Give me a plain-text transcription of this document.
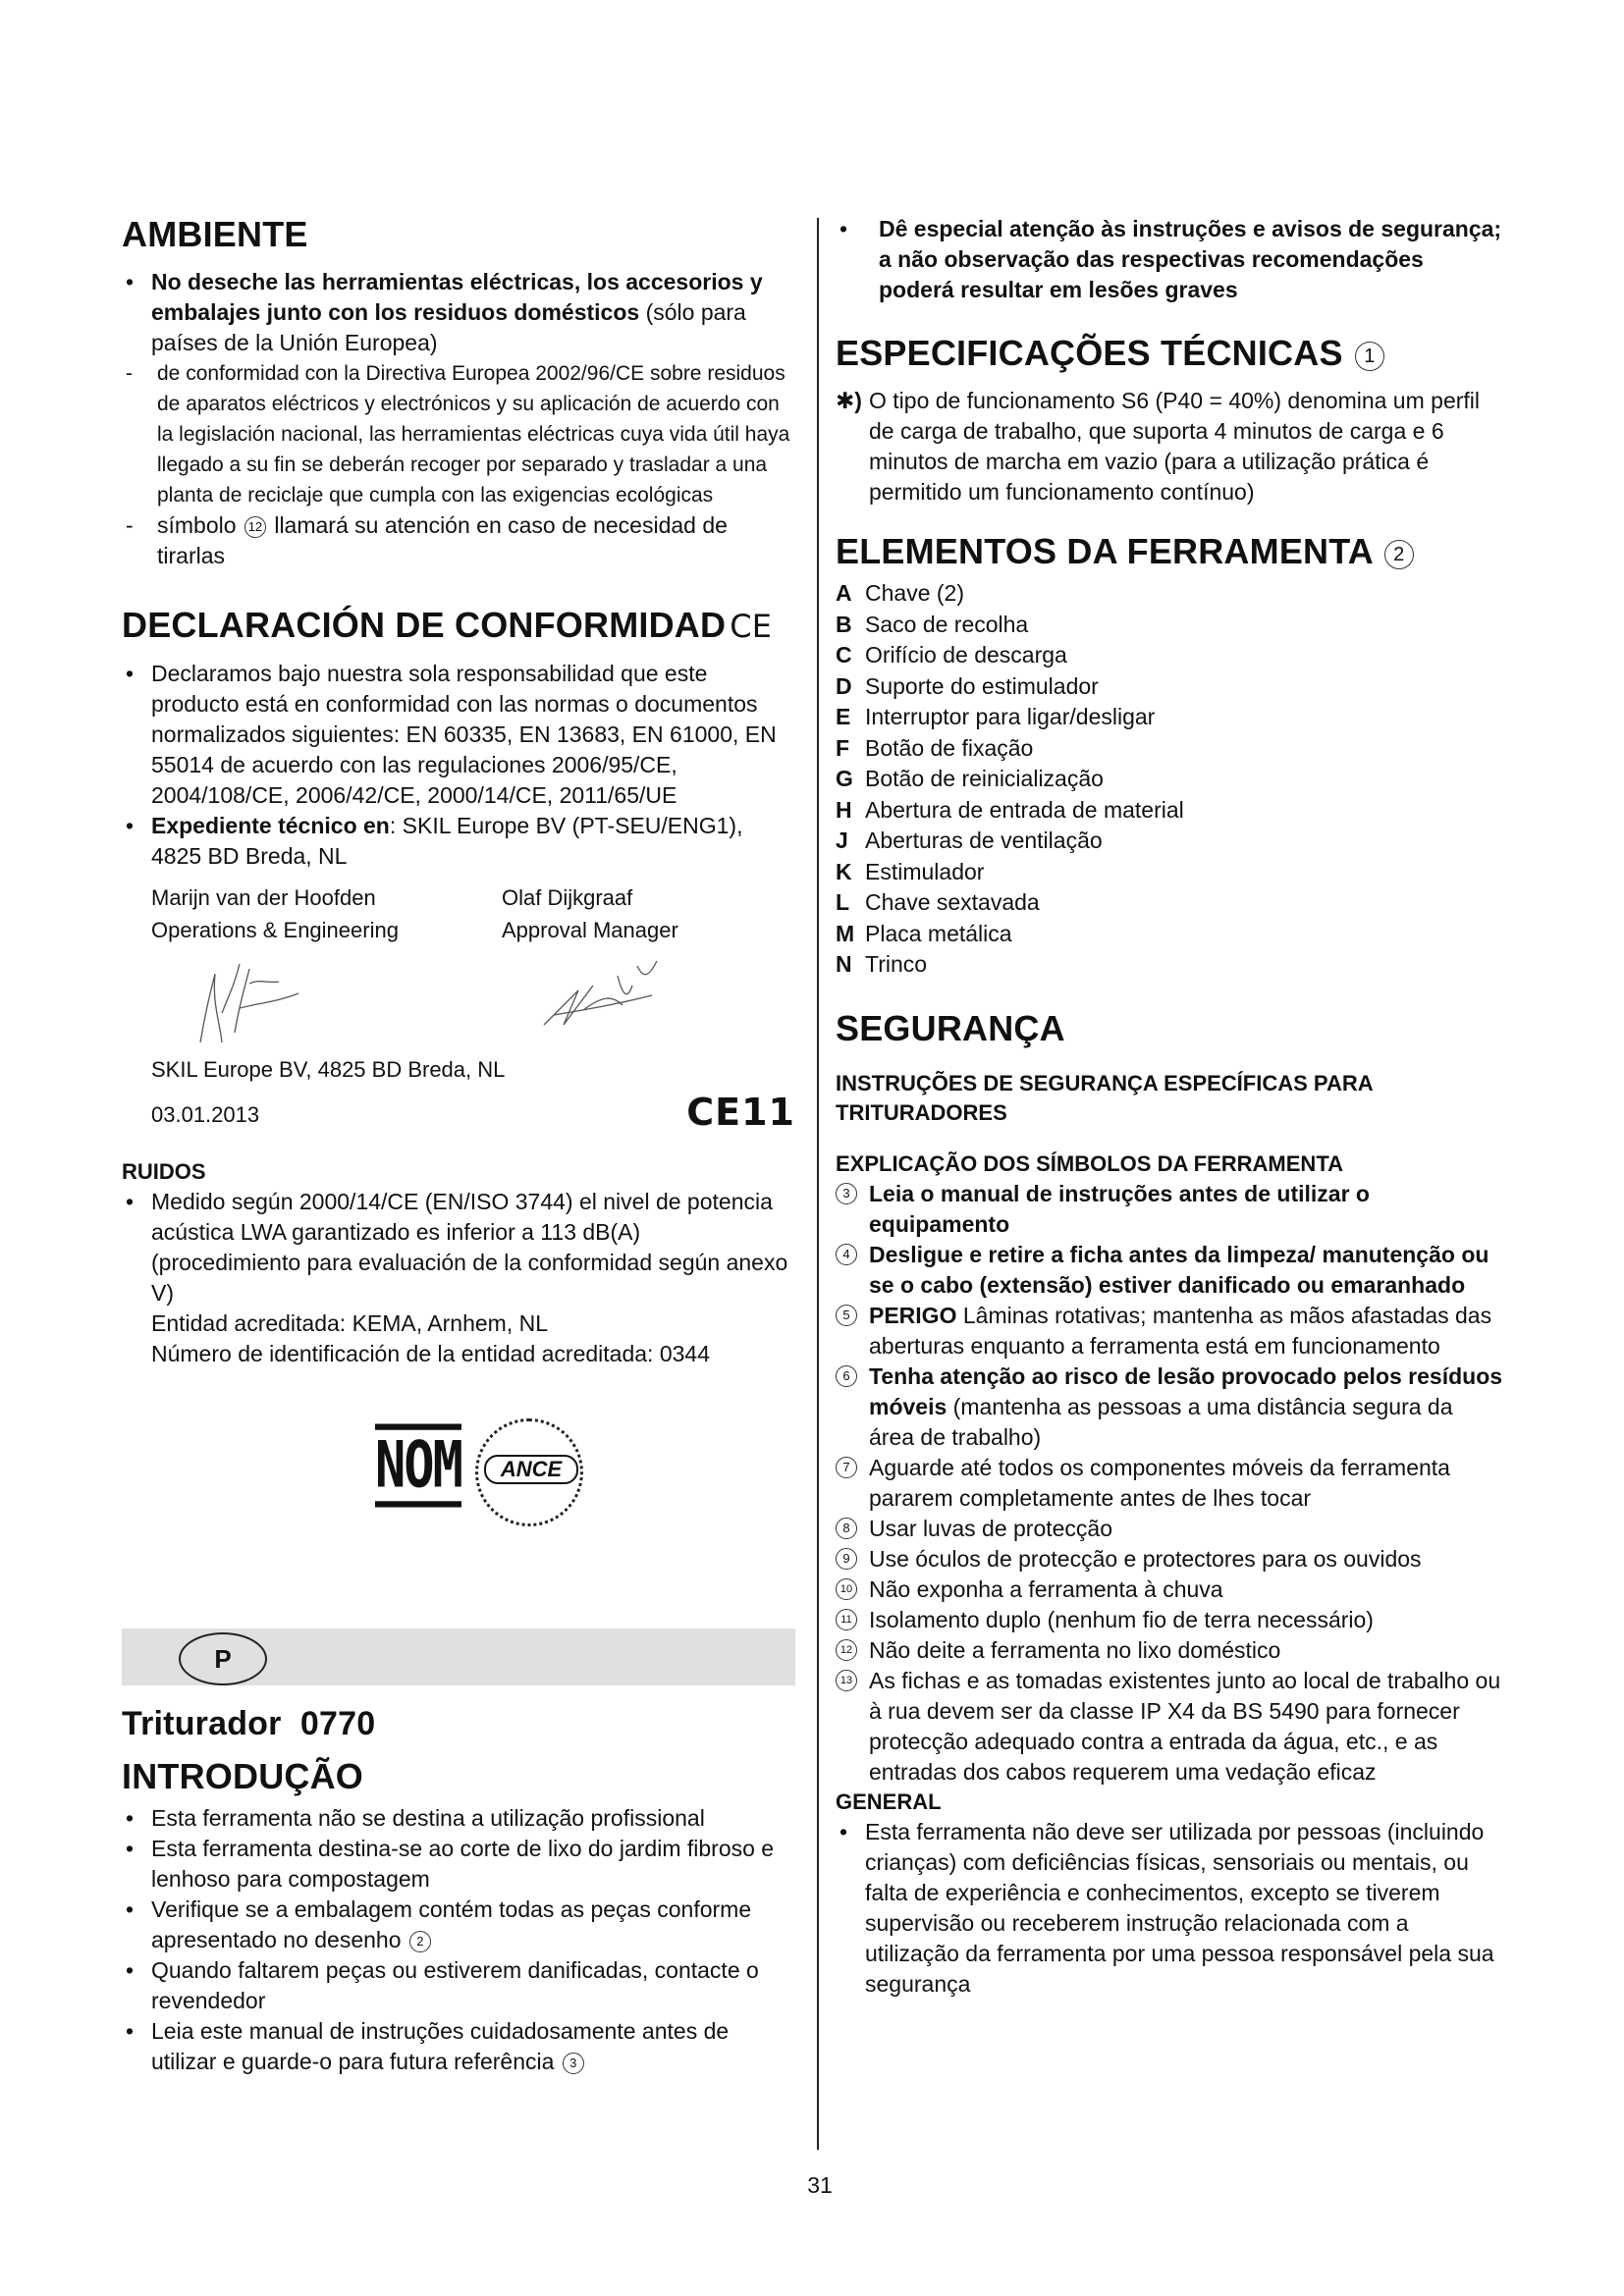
AMBIENTE
• No deseche las herramientas eléctricas, los accesorios y embalajes junto con los residuos domésticos (sólo para países de la Unión Europea)
- de conformidad con la Directiva Europea 2002/96/CE sobre residuos de aparatos eléctricos y electrónicos y su aplicación de acuerdo con la legislación nacional, las herramientas eléctricas cuya vida útil haya llegado a su fin se deberán recoger por separado y trasladar a una planta de reciclaje que cumpla con las exigencias ecológicas
- símbolo 12 llamará su atención en caso de necesidad de tirarlas
DECLARACIÓN DE CONFORMIDAD CE
• Declaramos bajo nuestra sola responsabilidad que este producto está en conformidad con las normas o documentos normalizados siguientes: EN 60335, EN 13683, EN 61000, EN 55014 de acuerdo con las regulaciones 2006/95/CE, 2004/108/CE, 2006/42/CE, 2000/14/CE, 2011/65/UE
• Expediente técnico en: SKIL Europe BV (PT-SEU/ENG1), 4825 BD Breda, NL
Marijn van der Hoofden	Olaf Dijkgraaf
Operations & Engineering	Approval Manager
SKIL Europe BV, 4825 BD Breda, NL
03.01.2013	CE11
RUIDOS
• Medido según 2000/14/CE (EN/ISO 3744) el nivel de potencia acústica LWA garantizado es inferior a 113 dB(A) (procedimiento para evaluación de la conformidad según anexo V)
Entidad acreditada: KEMA, Arnhem, NL
Número de identificación de la entidad acreditada: 0344
NOM	ANCE
P
Triturador  0770
INTRODUÇÃO
• Esta ferramenta não se destina a utilização profissional
• Esta ferramenta destina-se ao corte de lixo do jardim fibroso e lenhoso para compostagem
• Verifique se a embalagem contém todas as peças conforme apresentado no desenho 2
• Quando faltarem peças ou estiverem danificadas, contacte o revendedor
• Leia este manual de instruções cuidadosamente antes de utilizar e guarde-o para futura referência 3
• Dê especial atenção às instruções e avisos de segurança; a não observação das respectivas recomendações poderá resultar em lesões graves
ESPECIFICAÇÕES TÉCNICAS 1
✱) O tipo de funcionamento S6 (P40 = 40%) denomina um perfil de carga de trabalho, que suporta 4 minutos de carga e 6 minutos de marcha em vazio (para a utilização prática é permitido um funcionamento contínuo)
ELEMENTOS DA FERRAMENTA 2
A Chave (2)
B Saco de recolha
C Orifício de descarga
D Suporte do estimulador
E Interruptor para ligar/desligar
F Botão de fixação
G Botão de reinicialização
H Abertura de entrada de material
J Aberturas de ventilação
K Estimulador
L Chave sextavada
M Placa metálica
N Trinco
SEGURANÇA
INSTRUÇÕES DE SEGURANÇA ESPECÍFICAS PARA TRITURADORES
EXPLICAÇÃO DOS SÍMBOLOS DA FERRAMENTA
3 Leia o manual de instruções antes de utilizar o equipamento
4 Desligue e retire a ficha antes da limpeza/ manutenção ou se o cabo (extensão) estiver danificado ou emaranhado
5 PERIGO Lâminas rotativas; mantenha as mãos afastadas das aberturas enquanto a ferramenta está em funcionamento
6 Tenha atenção ao risco de lesão provocado pelos resíduos móveis (mantenha as pessoas a uma distância segura da área de trabalho)
7 Aguarde até todos os componentes móveis da ferramenta pararem completamente antes de lhes tocar
8 Usar luvas de protecção
9 Use óculos de protecção e protectores para os ouvidos
10 Não exponha a ferramenta à chuva
11 Isolamento duplo (nenhum fio de terra necessário)
12 Não deite a ferramenta no lixo doméstico
13 As fichas e as tomadas existentes junto ao local de trabalho ou à rua devem ser da classe IP X4 da BS 5490 para fornecer protecção adequado contra a entrada da água, etc., e as entradas dos cabos requerem uma vedação eficaz
GENERAL
• Esta ferramenta não deve ser utilizada por pessoas (incluindo crianças) com deficiências físicas, sensoriais ou mentais, ou falta de experiência e conhecimentos, excepto se tiverem supervisão ou receberem instrução relacionada com a utilização da ferramenta por uma pessoa responsável pela sua segurança
31
